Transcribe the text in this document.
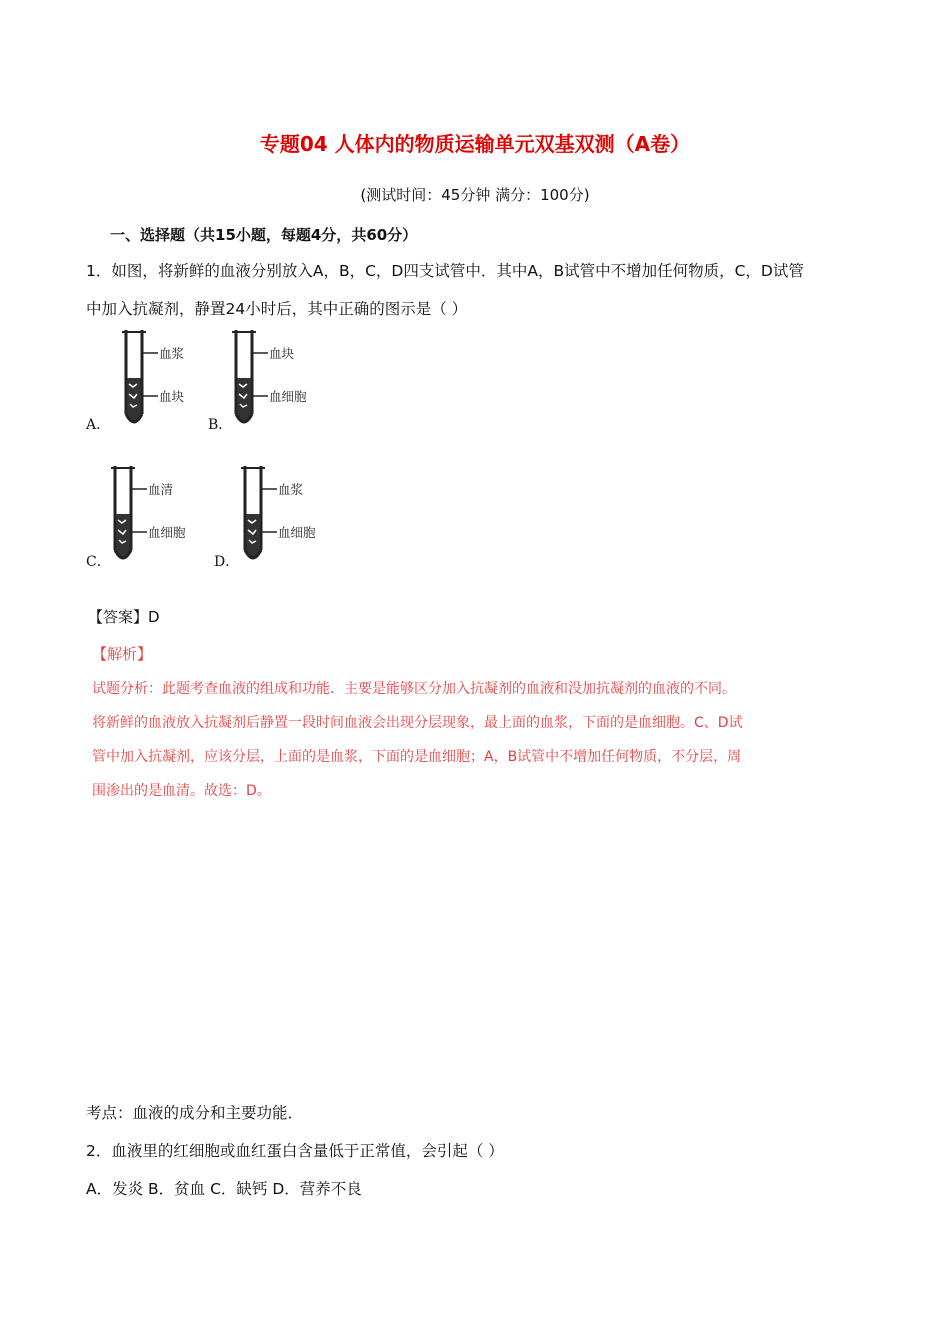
专题04 人体内的物质运输单元双基双测（A卷）
(测试时间：45分钟 满分：100分)
一、选择题（共15小题，每题4分，共60分）
1．如图，将新鲜的血液分别放入A，B，C，D四支试管中．其中A，B试管中不增加任何物质，C，D试管
中加入抗凝剂，静置24小时后，其中正确的图示是（ ）
血浆
血块
A．
血块
血细胞
B．
血清
血细胞
C．
血浆
血细胞
D．
【答案】D
【解析】
试题分析：此题考查血液的组成和功能．主要是能够区分加入抗凝剂的血液和没加抗凝剂的血液的不同。
将新鲜的血液放入抗凝剂后静置一段时间血液会出现分层现象，最上面的血浆，下面的是血细胞。C、D试
管中加入抗凝剂，应该分层，上面的是血浆，下面的是血细胞；A，B试管中不增加任何物质，不分层，周
围渗出的是血清。故选：D。
考点：血液的成分和主要功能．
2．血液里的红细胞或血红蛋白含量低于正常值，会引起（ ）
A．发炎 B．贫血 C．缺钙 D．营养不良
